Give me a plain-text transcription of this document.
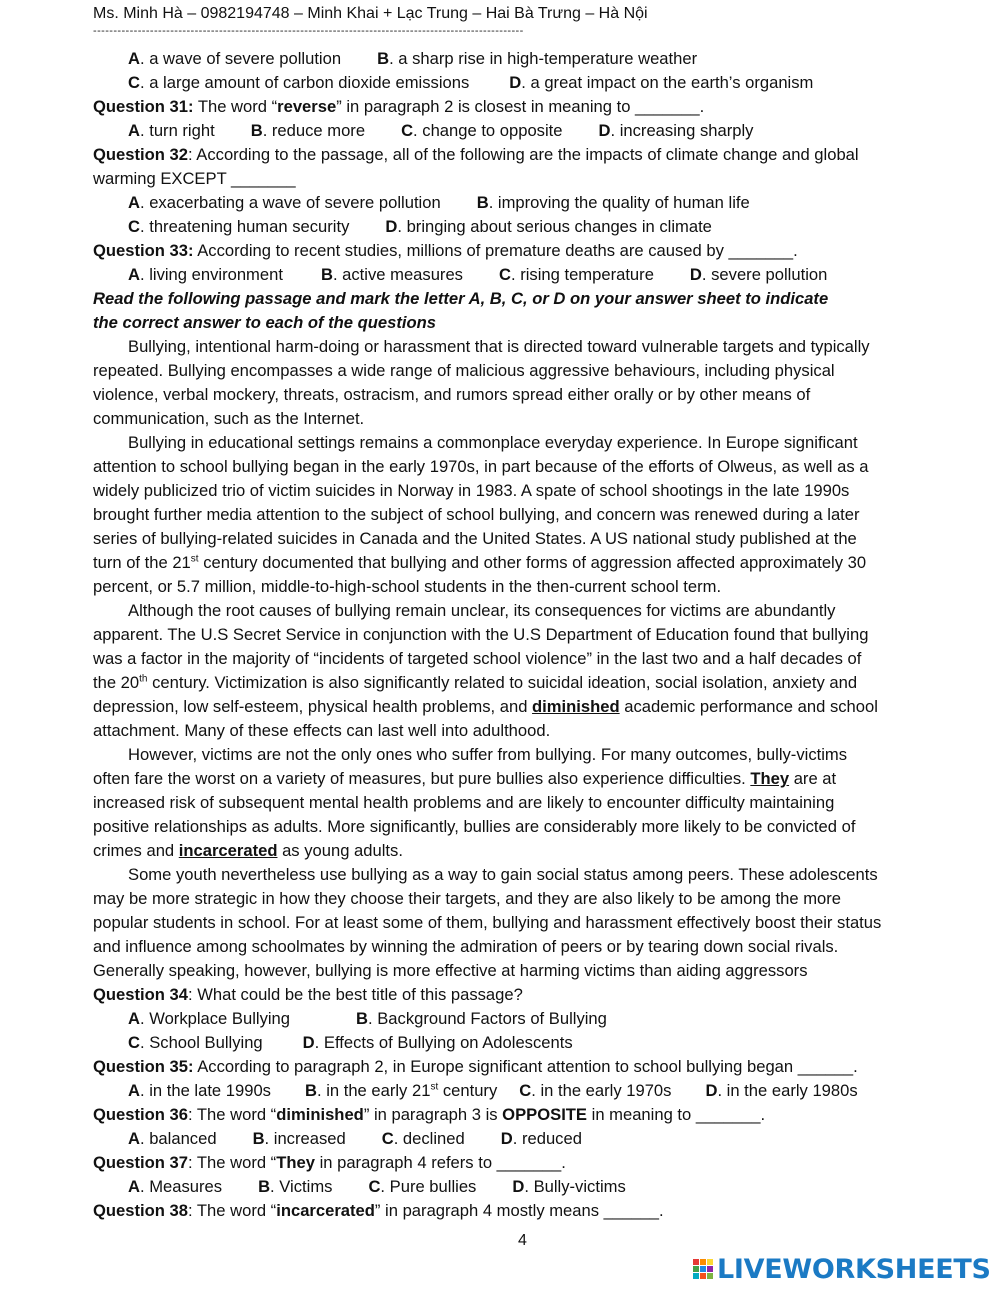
Ms. Minh Hà – 0982194748 – Minh Khai + Lạc Trung – Hai Bà Trưng – Hà Nội
----------------------------------------------------------------------------------------------------------
A. a wave of severe pollution B. a sharp rise in high-temperature weather
C. a large amount of carbon dioxide emissions D. a great impact on the earth’s organism
Question 31: The word “reverse” in paragraph 2 is closest in meaning to _______.
A. turn right B. reduce more C. change to opposite D. increasing sharply
Question 32: According to the passage, all of the following are the impacts of climate change and global
warming EXCEPT _______
A. exacerbating a wave of severe pollution B. improving the quality of human life
C. threatening human security D. bringing about serious changes in climate
Question 33: According to recent studies, millions of premature deaths are caused by _______.
A. living environment B. active measures C. rising temperature D. severe pollution
Read the following passage and mark the letter A, B, C, or D on your answer sheet to indicate
the correct answer to each of the questions
Bullying, intentional harm-doing or harassment that is directed toward vulnerable targets and typically
repeated. Bullying encompasses a wide range of malicious aggressive behaviours, including physical
violence, verbal mockery, threats, ostracism, and rumors spread either orally or by other means of
communication, such as the Internet.
Bullying in educational settings remains a commonplace everyday experience. In Europe significant
attention to school bullying began in the early 1970s, in part because of the efforts of Olweus, as well as a
widely publicized trio of victim suicides in Norway in 1983. A spate of school shootings in the late 1990s
brought further media attention to the subject of school bullying, and concern was renewed during a later
series of bullying-related suicides in Canada and the United States. A US national study published at the
turn of the 21st century documented that bullying and other forms of aggression affected approximately 30
percent, or 5.7 million, middle-to-high-school students in the then-current school term.
Although the root causes of bullying remain unclear, its consequences for victims are abundantly
apparent. The U.S Secret Service in conjunction with the U.S Department of Education found that bullying
was a factor in the majority of “incidents of targeted school violence” in the last two and a half decades of
the 20th century. Victimization is also significantly related to suicidal ideation, social isolation, anxiety and
depression, low self-esteem, physical health problems, and diminished academic performance and school
attachment. Many of these effects can last well into adulthood.
However, victims are not the only ones who suffer from bullying. For many outcomes, bully-victims
often fare the worst on a variety of measures, but pure bullies also experience difficulties. They are at
increased risk of subsequent mental health problems and are likely to encounter difficulty maintaining
positive relationships as adults. More significantly, bullies are considerably more likely to be convicted of
crimes and incarcerated as young adults.
Some youth nevertheless use bullying as a way to gain social status among peers. These adolescents
may be more strategic in how they choose their targets, and they are also likely to be among the more
popular students in school. For at least some of them, bullying and harassment effectively boost their status
and influence among schoolmates by winning the admiration of peers or by tearing down social rivals.
Generally speaking, however, bullying is more effective at harming victims than aiding aggressors
Question 34: What could be the best title of this passage?
A. Workplace Bullying	B. Background Factors of Bullying
C. School Bullying D. Effects of Bullying on Adolescents
Question 35: According to paragraph 2, in Europe significant attention to school bullying began ______.
A. in the late 1990s B. in the early 21st century C. in the early 1970s D. in the early 1980s
Question 36: The word “diminished” in paragraph 3 is OPPOSITE in meaning to _______.
A. balanced B. increased C. declined D. reduced
Question 37: The word “They in paragraph 4 refers to _______.
A. Measures B. Victims C. Pure bullies D. Bully-victims
Question 38: The word “incarcerated” in paragraph 4 mostly means ______.
4
LIVEWORKSHEETS
